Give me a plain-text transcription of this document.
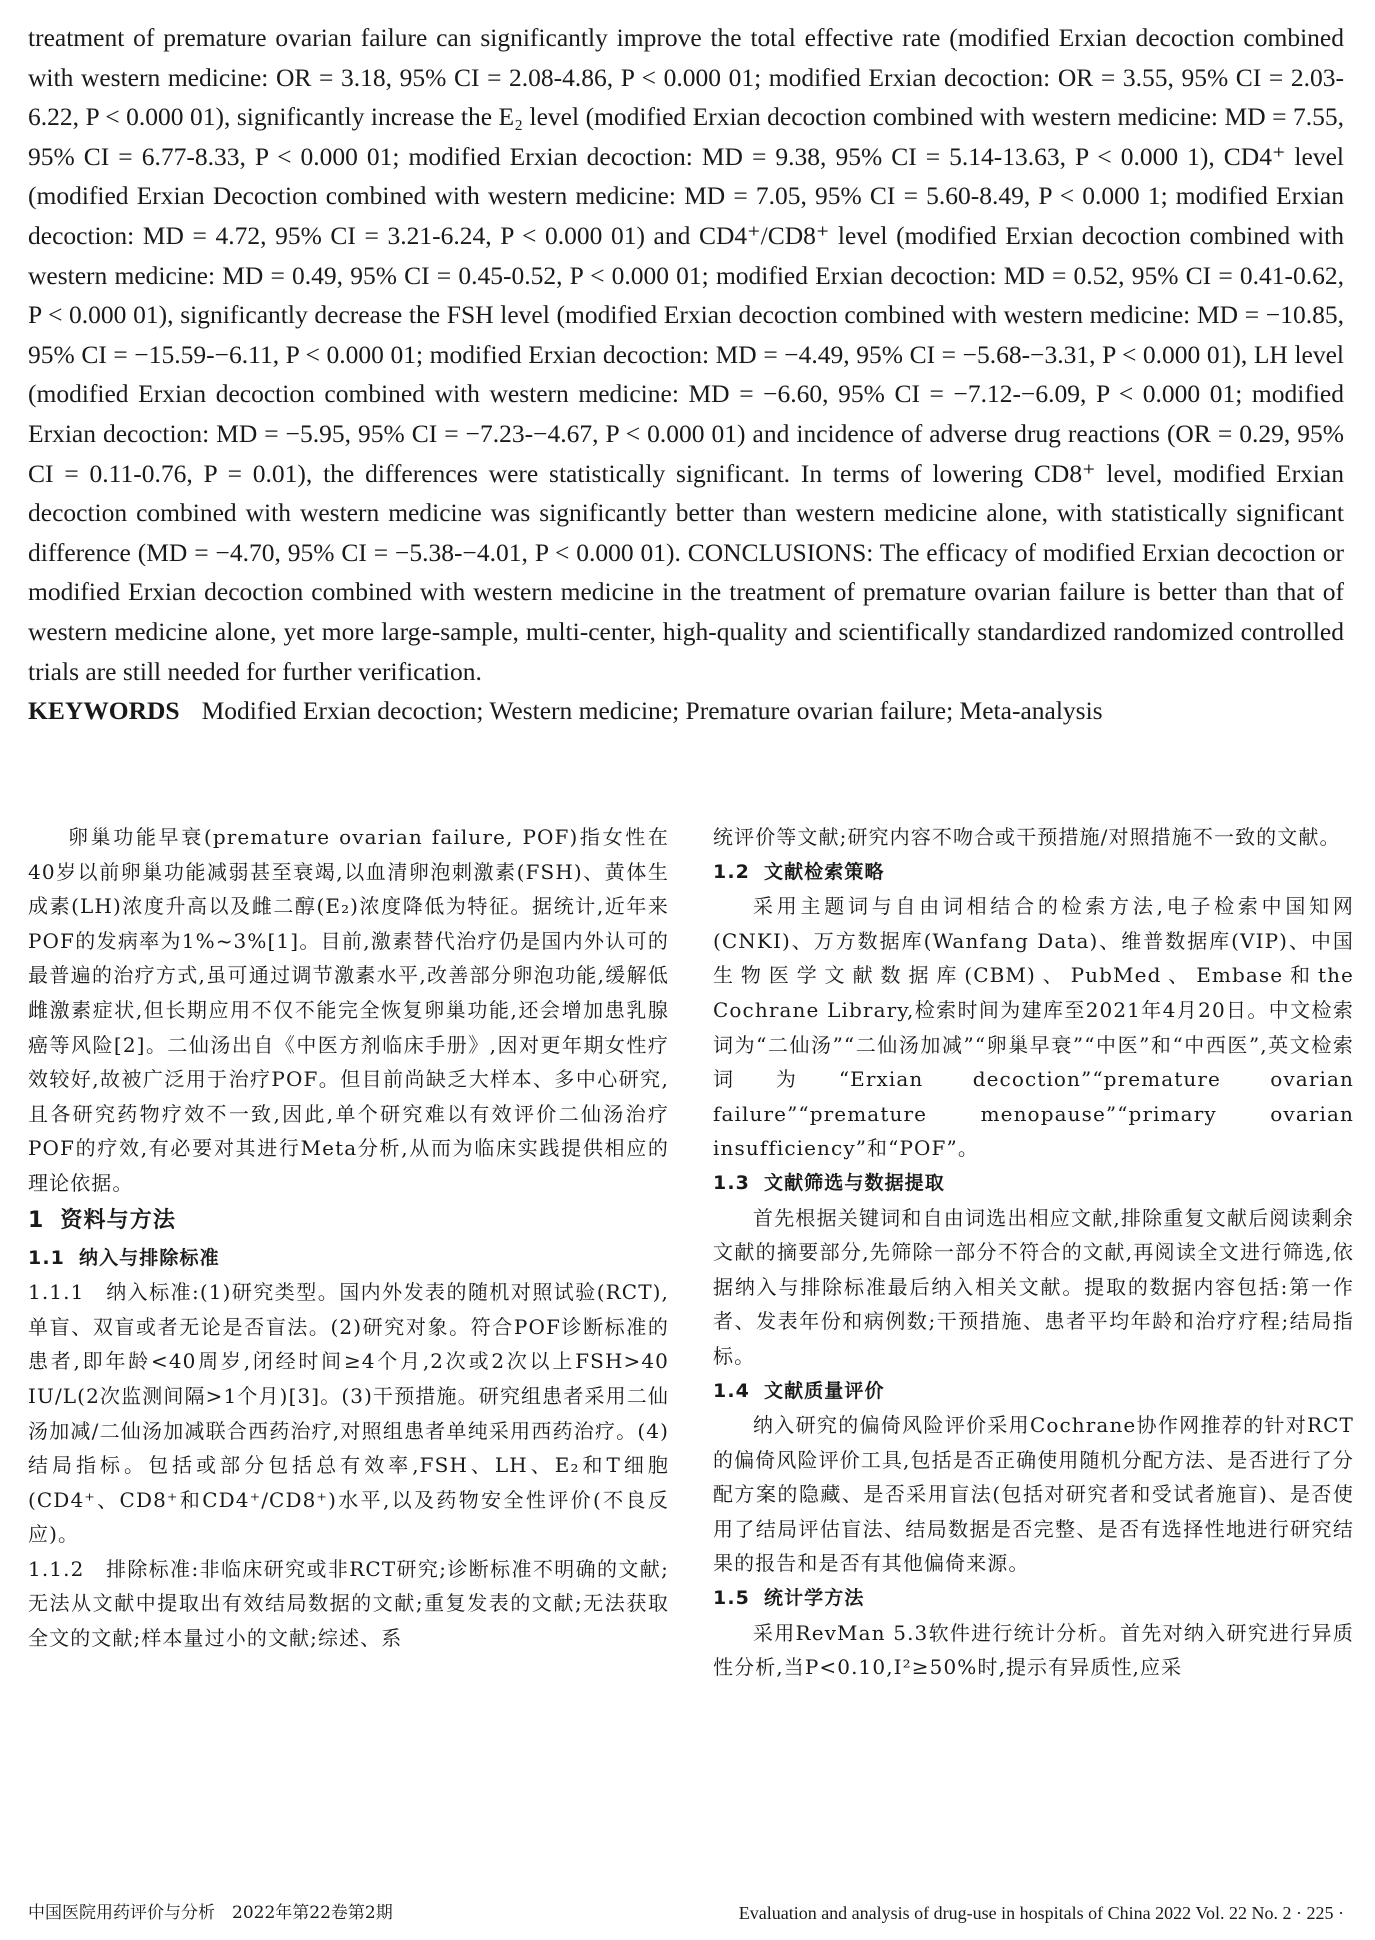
treatment of premature ovarian failure can significantly improve the total effective rate (modified Erxian decoction combined with western medicine: OR = 3.18, 95% CI = 2.08-4.86, P < 0.000 01; modified Erxian decoction: OR = 3.55, 95% CI = 2.03-6.22, P < 0.000 01), significantly increase the E₂ level (modified Erxian decoction combined with western medicine: MD = 7.55, 95% CI = 6.77-8.33, P < 0.000 01; modified Erxian decoction: MD = 9.38, 95% CI = 5.14-13.63, P < 0.000 1), CD4⁺ level (modified Erxian Decoction combined with western medicine: MD = 7.05, 95% CI = 5.60-8.49, P < 0.000 1; modified Erxian decoction: MD = 4.72, 95% CI = 3.21-6.24, P < 0.000 01) and CD4⁺/CD8⁺ level (modified Erxian decoction combined with western medicine: MD = 0.49, 95% CI = 0.45-0.52, P < 0.000 01; modified Erxian decoction: MD = 0.52, 95% CI = 0.41-0.62, P < 0.000 01), significantly decrease the FSH level (modified Erxian decoction combined with western medicine: MD = −10.85, 95% CI = −15.59-−6.11, P < 0.000 01; modified Erxian decoction: MD = −4.49, 95% CI = −5.68-−3.31, P < 0.000 01), LH level (modified Erxian decoction combined with western medicine: MD = −6.60, 95% CI = −7.12-−6.09, P < 0.000 01; modified Erxian decoction: MD = −5.95, 95% CI = −7.23-−4.67, P < 0.000 01) and incidence of adverse drug reactions (OR = 0.29, 95% CI = 0.11-0.76, P = 0.01), the differences were statistically significant. In terms of lowering CD8⁺ level, modified Erxian decoction combined with western medicine was significantly better than western medicine alone, with statistically significant difference (MD = −4.70, 95% CI = −5.38-−4.01, P < 0.000 01). CONCLUSIONS: The efficacy of modified Erxian decoction or modified Erxian decoction combined with western medicine in the treatment of premature ovarian failure is better than that of western medicine alone, yet more large-sample, multi-center, high-quality and scientifically standardized randomized controlled trials are still needed for further verification.

KEYWORDS Modified Erxian decoction; Western medicine; Premature ovarian failure; Meta-analysis

卵巢功能早衰(premature ovarian failure, POF)指女性在40岁以前卵巢功能减弱甚至衰竭,以血清卵泡刺激素(FSH)、黄体生成素(LH)浓度升高以及雌二醇(E₂)浓度降低为特征。据统计,近年来POF的发病率为1%~3%[1]。目前,激素替代治疗仍是国内外认可的最普遍的治疗方式,虽可通过调节激素水平,改善部分卵泡功能,缓解低雌激素症状,但长期应用不仅不能完全恢复卵巢功能,还会增加患乳腺癌等风险[2]。二仙汤出自《中医方剂临床手册》,因对更年期女性疗效较好,故被广泛用于治疗POF。但目前尚缺乏大样本、多中心研究,且各研究药物疗效不一致,因此,单个研究难以有效评价二仙汤治疗POF的疗效,有必要对其进行Meta分析,从而为临床实践提供相应的理论依据。

1 资料与方法
1.1 纳入与排除标准

1.1.1　纳入标准:(1)研究类型。国内外发表的随机对照试验(RCT),单盲、双盲或者无论是否盲法。(2)研究对象。符合POF诊断标准的患者,即年龄<40周岁,闭经时间≥4个月,2次或2次以上FSH>40 IU/L(2次监测间隔>1个月)[3]。(3)干预措施。研究组患者采用二仙汤加减/二仙汤加减联合西药治疗,对照组患者单纯采用西药治疗。(4)结局指标。包括或部分包括总有效率,FSH、LH、E₂和T细胞(CD4⁺、CD8⁺和CD4⁺/CD8⁺)水平,以及药物安全性评价(不良反应)。

1.1.2　排除标准:非临床研究或非RCT研究;诊断标准不明确的文献;无法从文献中提取出有效结局数据的文献;重复发表的文献;无法获取全文的文献;样本量过小的文献;综述、系

统评价等文献;研究内容不吻合或干预措施/对照措施不一致的文献。

1.2 文献检索策略

采用主题词与自由词相结合的检索方法,电子检索中国知网(CNKI)、万方数据库(Wanfang Data)、维普数据库(VIP)、中国生物医学文献数据库(CBM)、PubMed、Embase和the Cochrane Library,检索时间为建库至2021年4月20日。中文检索词为“二仙汤”“二仙汤加减”“卵巢早衰”“中医”和“中西医”,英文检索词为“Erxian decoction”“premature ovarian failure”“premature menopause”“primary ovarian insufficiency”和“POF”。

1.3 文献筛选与数据提取

首先根据关键词和自由词选出相应文献,排除重复文献后阅读剩余文献的摘要部分,先筛除一部分不符合的文献,再阅读全文进行筛选,依据纳入与排除标准最后纳入相关文献。提取的数据内容包括:第一作者、发表年份和病例数;干预措施、患者平均年龄和治疗疗程;结局指标。

1.4 文献质量评价

纳入研究的偏倚风险评价采用Cochrane协作网推荐的针对RCT的偏倚风险评价工具,包括是否正确使用随机分配方法、是否进行了分配方案的隐藏、是否采用盲法(包括对研究者和受试者施盲)、是否使用了结局评估盲法、结局数据是否完整、是否有选择性地进行研究结果的报告和是否有其他偏倚来源。

1.5 统计学方法

采用RevMan 5.3软件进行统计分析。首先对纳入研究进行异质性分析,当P<0.10,I²≥50%时,提示有异质性,应采

中国医院用药评价与分析　2022年第22卷第2期	Evaluation and analysis of drug-use in hospitals of China 2022 Vol. 22 No. 2 · 225 ·
